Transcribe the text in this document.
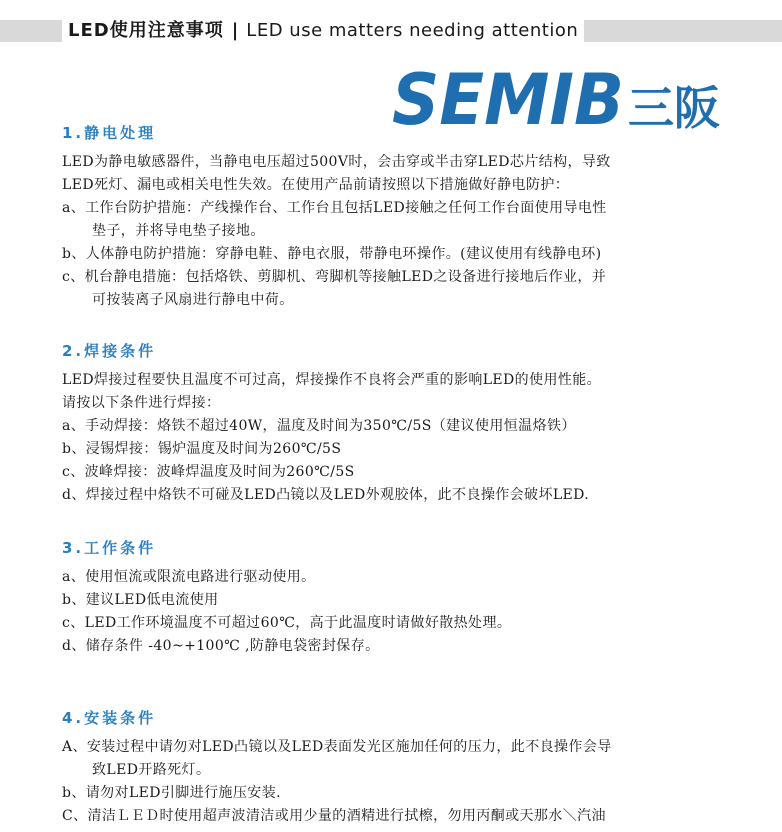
LED使用注意事项 | LED use matters needing attention
SEMIB 三阪
1.静电处理
LED为静电敏感器件，当静电电压超过500V时，会击穿或半击穿LED芯片结构，导致
LED死灯、漏电或相关电性失效。在使用产品前请按照以下措施做好静电防护：
a、工作台防护措施：产线操作台、工作台且包括LED接触之任何工作台面使用导电性
垫子，并将导电垫子接地。
b、人体静电防护措施：穿静电鞋、静电衣服，带静电环操作。(建议使用有线静电环)
c、机台静电措施：包括烙铁、剪脚机、弯脚机等接触LED之设备进行接地后作业，并
可按装离子风扇进行静电中荷。
2.焊接条件
LED焊接过程要快且温度不可过高，焊接操作不良将会严重的影响LED的使用性能。
请按以下条件进行焊接：
a、手动焊接：烙铁不超过40W，温度及时间为350℃/5S（建议使用恒温烙铁）
b、浸锡焊接：锡炉温度及时间为260℃/5S
c、波峰焊接：波峰焊温度及时间为260℃/5S
d、焊接过程中烙铁不可碰及LED凸镜以及LED外观胶体，此不良操作会破坏LED.
3.工作条件
a、使用恒流或限流电路进行驱动使用。
b、建议LED低电流使用
c、LED工作环境温度不可超过60℃，高于此温度时请做好散热处理。
d、储存条件 -40~+100℃ ,防静电袋密封保存。
4.安装条件
A、安装过程中请勿对LED凸镜以及LED表面发光区施加任何的压力，此不良操作会导
致LED开路死灯。
b、请勿对LED引脚进行施压安装.
C、清洁ＬＥＤ时使用超声波清洁或用少量的酒精进行拭檫，勿用丙酮或天那水＼汽油
